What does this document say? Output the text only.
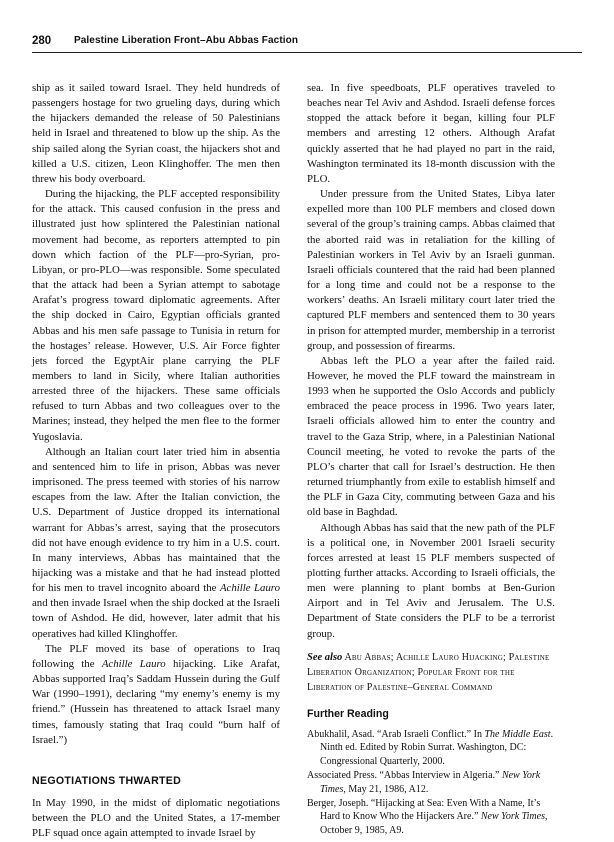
280 Palestine Liberation Front–Abu Abbas Faction

ship as it sailed toward Israel. They held hundreds of passengers hostage for two grueling days, during which the hijackers demanded the release of 50 Palestinians held in Israel and threatened to blow up the ship. As the ship sailed along the Syrian coast, the hijackers shot and killed a U.S. citizen, Leon Klinghoffer. The men then threw his body overboard.

During the hijacking, the PLF accepted responsibility for the attack. This caused confusion in the press and illustrated just how splintered the Palestinian national movement had become, as reporters attempted to pin down which faction of the PLF—pro-Syrian, pro-Libyan, or pro-PLO—was responsible. Some speculated that the attack had been a Syrian attempt to sabotage Arafat’s progress toward diplomatic agreements. After the ship docked in Cairo, Egyptian officials granted Abbas and his men safe passage to Tunisia in return for the hostages’ release. However, U.S. Air Force fighter jets forced the EgyptAir plane carrying the PLF members to land in Sicily, where Italian authorities arrested three of the hijackers. These same officials refused to turn Abbas and two colleagues over to the Marines; instead, they helped the men flee to the former Yugoslavia.

Although an Italian court later tried him in absentia and sentenced him to life in prison, Abbas was never imprisoned. The press teemed with stories of his narrow escapes from the law. After the Italian conviction, the U.S. Department of Justice dropped its international warrant for Abbas’s arrest, saying that the prosecutors did not have enough evidence to try him in a U.S. court. In many interviews, Abbas has maintained that the hijacking was a mistake and that he had instead plotted for his men to travel incognito aboard the Achille Lauro and then invade Israel when the ship docked at the Israeli town of Ashdod. He did, however, later admit that his operatives had killed Klinghoffer.

The PLF moved its base of operations to Iraq following the Achille Lauro hijacking. Like Arafat, Abbas supported Iraq’s Saddam Hussein during the Gulf War (1990–1991), declaring “my enemy’s enemy is my friend.” (Hussein has threatened to attack Israel many times, famously stating that Iraq could “burn half of Israel.”)

NEGOTIATIONS THWARTED

In May 1990, in the midst of diplomatic negotiations between the PLO and the United States, a 17-member PLF squad once again attempted to invade Israel by

sea. In five speedboats, PLF operatives traveled to beaches near Tel Aviv and Ashdod. Israeli defense forces stopped the attack before it began, killing four PLF members and arresting 12 others. Although Arafat quickly asserted that he had played no part in the raid, Washington terminated its 18-month discussion with the PLO.

Under pressure from the United States, Libya later expelled more than 100 PLF members and closed down several of the group’s training camps. Abbas claimed that the aborted raid was in retaliation for the killing of Palestinian workers in Tel Aviv by an Israeli gunman. Israeli officials countered that the raid had been planned for a long time and could not be a response to the workers’ deaths. An Israeli military court later tried the captured PLF members and sentenced them to 30 years in prison for attempted murder, membership in a terrorist group, and possession of firearms.

Abbas left the PLO a year after the failed raid. However, he moved the PLF toward the mainstream in 1993 when he supported the Oslo Accords and publicly embraced the peace process in 1996. Two years later, Israeli officials allowed him to enter the country and travel to the Gaza Strip, where, in a Palestinian National Council meeting, he voted to revoke the parts of the PLO’s charter that call for Israel’s destruction. He then returned triumphantly from exile to establish himself and the PLF in Gaza City, commuting between Gaza and his old base in Baghdad.

Although Abbas has said that the new path of the PLF is a political one, in November 2001 Israeli security forces arrested at least 15 PLF members suspected of plotting further attacks. According to Israeli officials, the men were planning to plant bombs at Ben-Gurion Airport and in Tel Aviv and Jerusalem. The U.S. Department of State considers the PLF to be a terrorist group.

See also Abu Abbas; Achille Lauro Hijacking; Palestine Liberation Organization; Popular Front for the Liberation of Palestine–General Command

Further Reading

Abukhalil, Asad. “Arab Israeli Conflict.” In The Middle East. Ninth ed. Edited by Robin Surrat. Washington, DC: Congressional Quarterly, 2000.

Associated Press. “Abbas Interview in Algeria.” New York Times, May 21, 1986, A12.

Berger, Joseph. “Hijacking at Sea: Even With a Name, It’s Hard to Know Who the Hijackers Are.” New York Times, October 9, 1985, A9.
